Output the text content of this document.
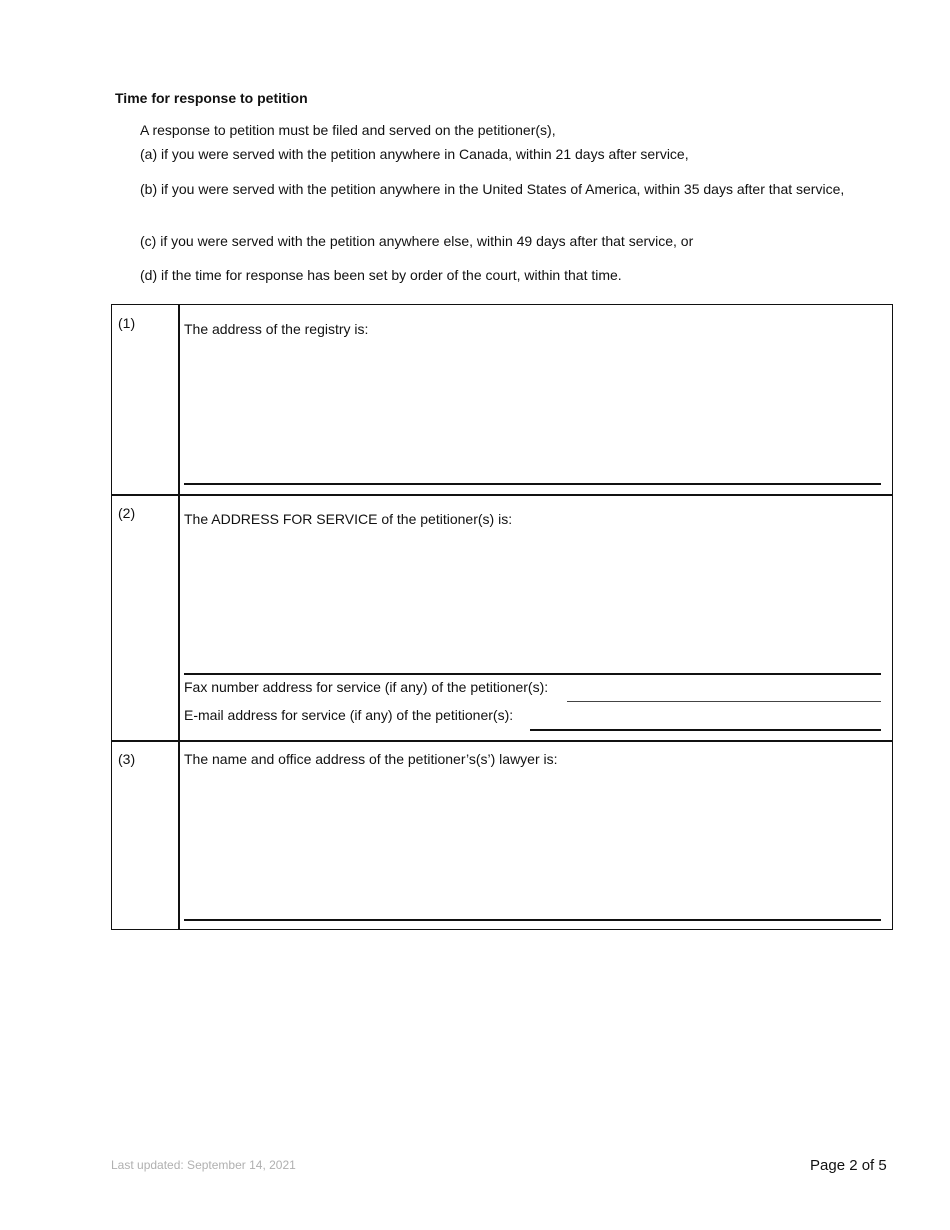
Time for response to petition
A response to petition must be filed and served on the petitioner(s),
(a) if you were served with the petition anywhere in Canada, within 21 days after service,
(b) if you were served with the petition anywhere in the United States of America, within 35 days after that service,
(c) if you were served with the petition anywhere else, within 49 days after that service, or
(d) if the time for response has been set by order of the court, within that time.
(1)	The address of the registry is:
(2)	The ADDRESS FOR SERVICE of the petitioner(s) is:
Fax number address for service (if any) of the petitioner(s):
E-mail address for service (if any) of the petitioner(s):
(3)	The name and office address of the petitioner’s(s’) lawyer is:
Last updated: September 14, 2021	Page 2 of 5
